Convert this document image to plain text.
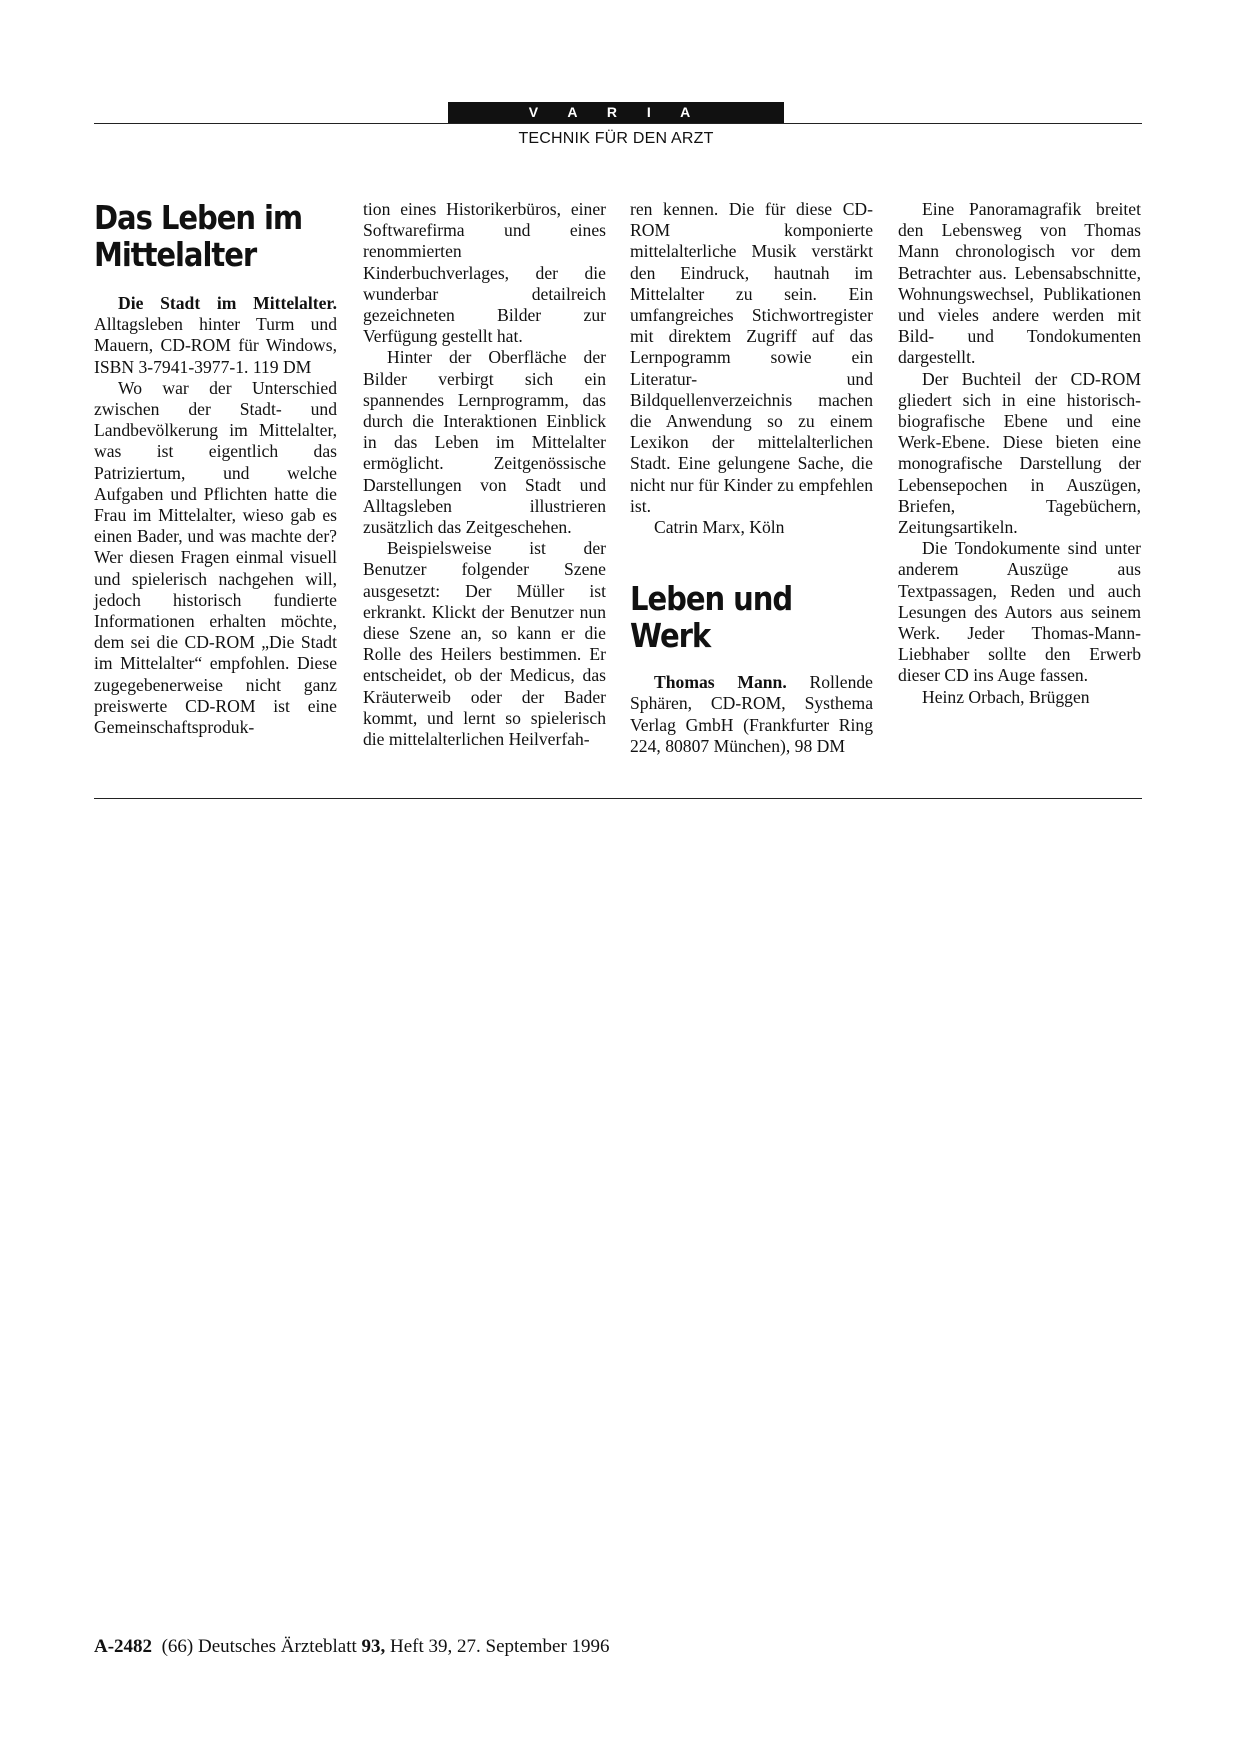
V A R I A
TECHNIK FÜR DEN ARZT
Das Leben im
Mittelalter

Die Stadt im Mittelalter. Alltagsleben hinter Turm und Mauern, CD-ROM für Windows, ISBN 3-7941-3977-1. 119 DM

Wo war der Unterschied zwischen der Stadt- und Landbevölkerung im Mittelalter, was ist eigentlich das Patriziertum, und welche Aufgaben und Pflichten hatte die Frau im Mittelalter, wieso gab es einen Bader, und was machte der? Wer diesen Fragen einmal visuell und spielerisch nachgehen will, jedoch historisch fundierte Informationen erhalten möchte, dem sei die CD-ROM „Die Stadt im Mittelalter“ empfohlen. Diese zugegebenerweise nicht ganz preiswerte CD-ROM ist eine Gemeinschaftsproduk-

tion eines Historikerbüros, einer Softwarefirma und eines renommierten Kinderbuchverlages, der die wunderbar detailreich gezeichneten Bilder zur Verfügung gestellt hat.

Hinter der Oberfläche der Bilder verbirgt sich ein spannendes Lernprogramm, das durch die Interaktionen Einblick in das Leben im Mittelalter ermöglicht. Zeitgenössische Darstellungen von Stadt und Alltagsleben illustrieren zusätzlich das Zeitgeschehen.

Beispielsweise ist der Benutzer folgender Szene ausgesetzt: Der Müller ist erkrankt. Klickt der Benutzer nun diese Szene an, so kann er die Rolle des Heilers bestimmen. Er entscheidet, ob der Medicus, das Kräuterweib oder der Bader kommt, und lernt so spielerisch die mittelalterlichen Heilverfah-

ren kennen. Die für diese CD-ROM komponierte mittelalterliche Musik verstärkt den Eindruck, hautnah im Mittelalter zu sein. Ein umfangreiches Stichwortregister mit direktem Zugriff auf das Lernpogramm sowie ein Literatur- und Bildquellenverzeichnis machen die Anwendung so zu einem Lexikon der mittelalterlichen Stadt. Eine gelungene Sache, die nicht nur für Kinder zu empfehlen ist.

Catrin Marx, Köln

Leben und
Werk

Thomas Mann. Rollende Sphären, CD-ROM, Systhema Verlag GmbH (Frankfurter Ring 224, 80807 München), 98 DM

Eine Panoramagrafik breitet den Lebensweg von Thomas Mann chronologisch vor dem Betrachter aus. Lebensabschnitte, Wohnungswechsel, Publikationen und vieles andere werden mit Bild- und Tondokumenten dargestellt.

Der Buchteil der CD-ROM gliedert sich in eine historisch-biografische Ebene und eine Werk-Ebene. Diese bieten eine monografische Darstellung der Lebensepochen in Auszügen, Briefen, Tagebüchern, Zeitungsartikeln.

Die Tondokumente sind unter anderem Auszüge aus Textpassagen, Reden und auch Lesungen des Autors aus seinem Werk. Jeder Thomas-Mann-Liebhaber sollte den Erwerb dieser CD ins Auge fassen.

Heinz Orbach, Brüggen

A-2482  (66) Deutsches Ärzteblatt 93, Heft 39, 27. September 1996
